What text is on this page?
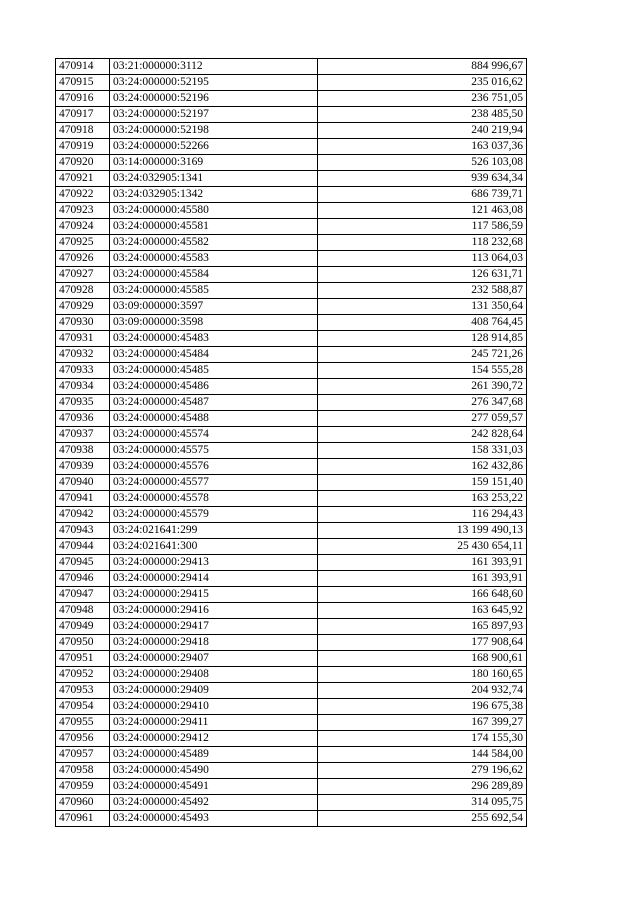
470914	03:21:000000:3112	884 996,67
470915	03:24:000000:52195	235 016,62
470916	03:24:000000:52196	236 751,05
470917	03:24:000000:52197	238 485,50
470918	03:24:000000:52198	240 219,94
470919	03:24:000000:52266	163 037,36
470920	03:14:000000:3169	526 103,08
470921	03:24:032905:1341	939 634,34
470922	03:24:032905:1342	686 739,71
470923	03:24:000000:45580	121 463,08
470924	03:24:000000:45581	117 586,59
470925	03:24:000000:45582	118 232,68
470926	03:24:000000:45583	113 064,03
470927	03:24:000000:45584	126 631,71
470928	03:24:000000:45585	232 588,87
470929	03:09:000000:3597	131 350,64
470930	03:09:000000:3598	408 764,45
470931	03:24:000000:45483	128 914,85
470932	03:24:000000:45484	245 721,26
470933	03:24:000000:45485	154 555,28
470934	03:24:000000:45486	261 390,72
470935	03:24:000000:45487	276 347,68
470936	03:24:000000:45488	277 059,57
470937	03:24:000000:45574	242 828,64
470938	03:24:000000:45575	158 331,03
470939	03:24:000000:45576	162 432,86
470940	03:24:000000:45577	159 151,40
470941	03:24:000000:45578	163 253,22
470942	03:24:000000:45579	116 294,43
470943	03:24:021641:299	13 199 490,13
470944	03:24:021641:300	25 430 654,11
470945	03:24:000000:29413	161 393,91
470946	03:24:000000:29414	161 393,91
470947	03:24:000000:29415	166 648,60
470948	03:24:000000:29416	163 645,92
470949	03:24:000000:29417	165 897,93
470950	03:24:000000:29418	177 908,64
470951	03:24:000000:29407	168 900,61
470952	03:24:000000:29408	180 160,65
470953	03:24:000000:29409	204 932,74
470954	03:24:000000:29410	196 675,38
470955	03:24:000000:29411	167 399,27
470956	03:24:000000:29412	174 155,30
470957	03:24:000000:45489	144 584,00
470958	03:24:000000:45490	279 196,62
470959	03:24:000000:45491	296 289,89
470960	03:24:000000:45492	314 095,75
470961	03:24:000000:45493	255 692,54
